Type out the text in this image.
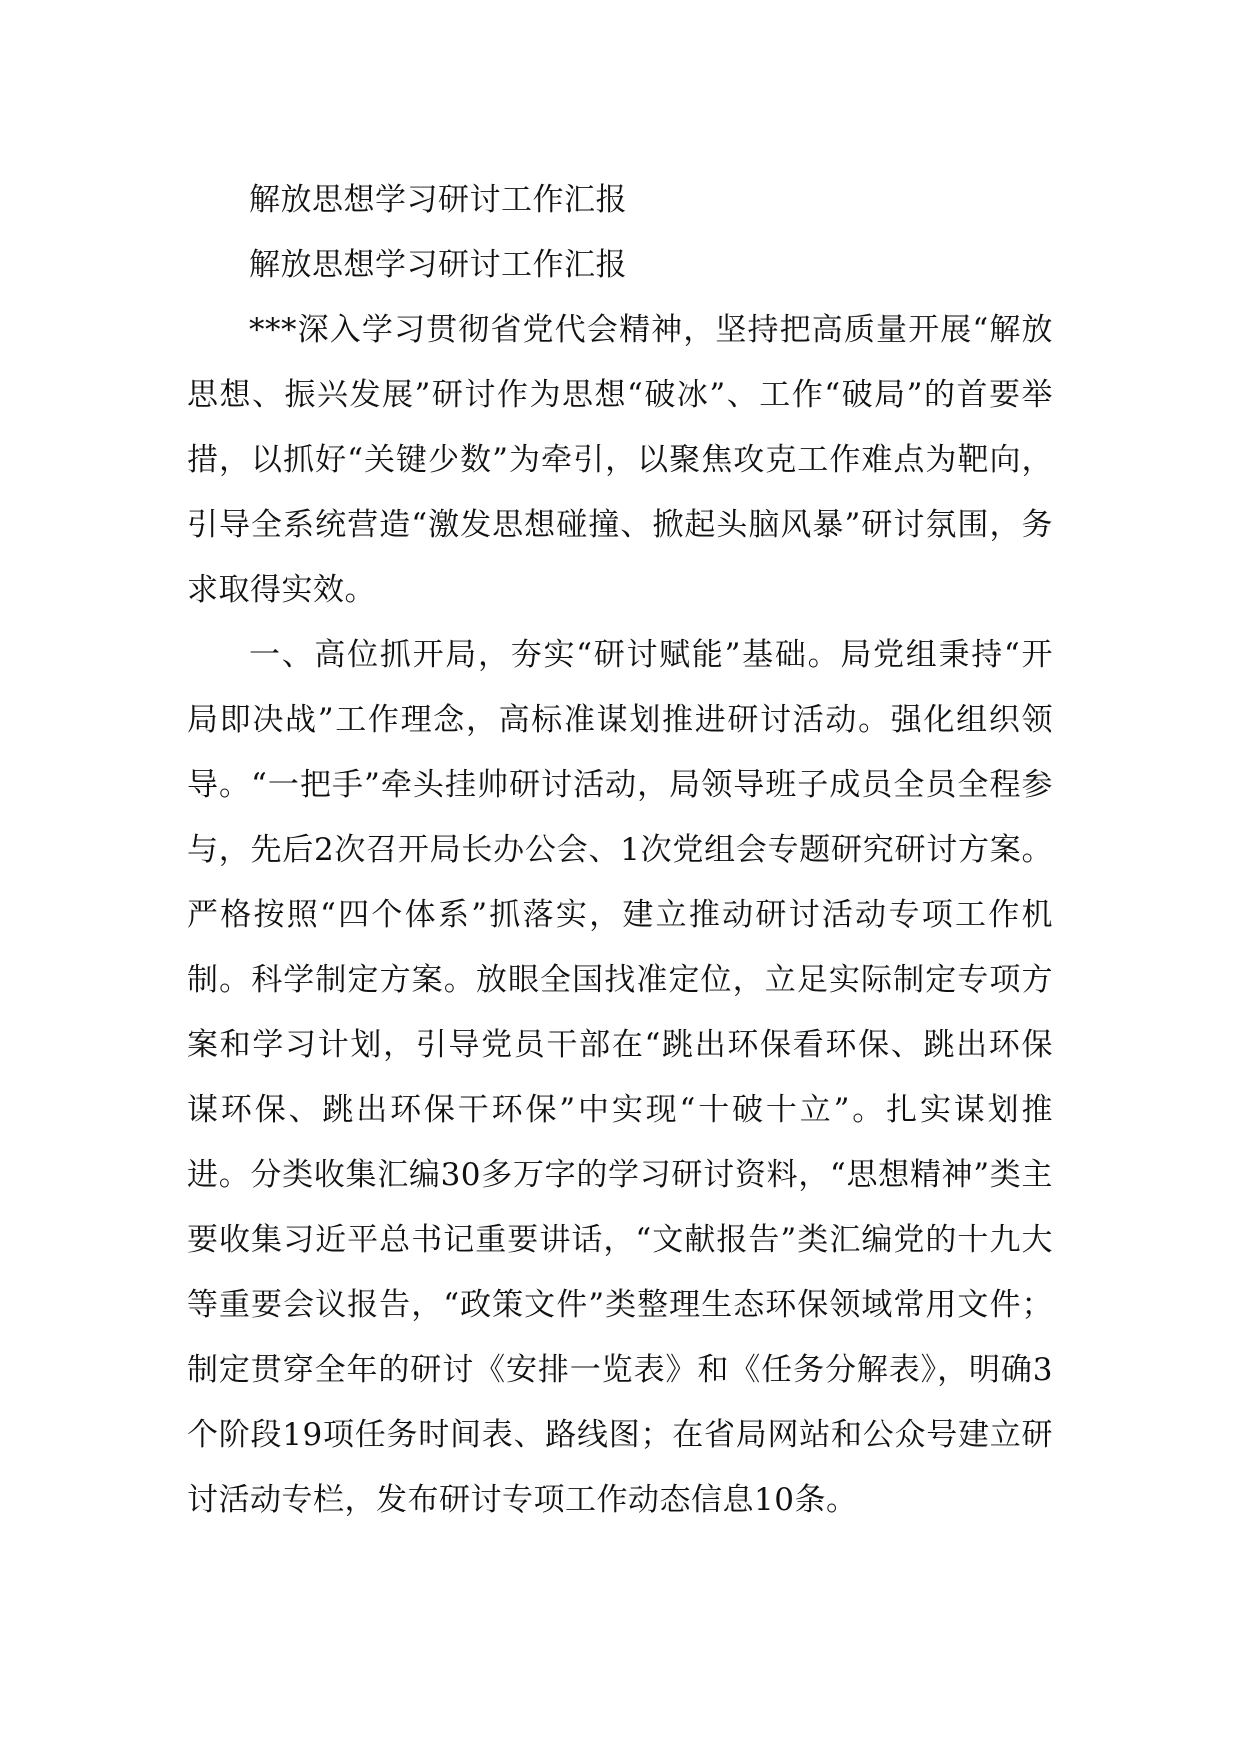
解放思想学习研讨工作汇报

解放思想学习研讨工作汇报

***深入学习贯彻省党代会精神，坚持把高质量开展“解放思想、振兴发展”研讨作为思想“破冰”、工作“破局”的首要举措，以抓好“关键少数”为牵引，以聚焦攻克工作难点为靶向，引导全系统营造“激发思想碰撞、掀起头脑风暴”研讨氛围，务求取得实效。

一、高位抓开局，夯实“研讨赋能”基础。局党组秉持“开局即决战”工作理念，高标准谋划推进研讨活动。强化组织领导。“一把手”牵头挂帅研讨活动，局领导班子成员全员全程参与，先后2次召开局长办公会、1次党组会专题研究研讨方案。严格按照“四个体系”抓落实，建立推动研讨活动专项工作机制。科学制定方案。放眼全国找准定位，立足实际制定专项方案和学习计划，引导党员干部在“跳出环保看环保、跳出环保谋环保、跳出环保干环保”中实现“十破十立”。扎实谋划推进。分类收集汇编30多万字的学习研讨资料，“思想精神”类主要收集习近平总书记重要讲话，“文献报告”类汇编党的十九大等重要会议报告，“政策文件”类整理生态环保领域常用文件；制定贯穿全年的研讨《安排一览表》和《任务分解表》，明确3个阶段19项任务时间表、路线图；在省局网站和公众号建立研讨活动专栏，发布研讨专项工作动态信息10条。
